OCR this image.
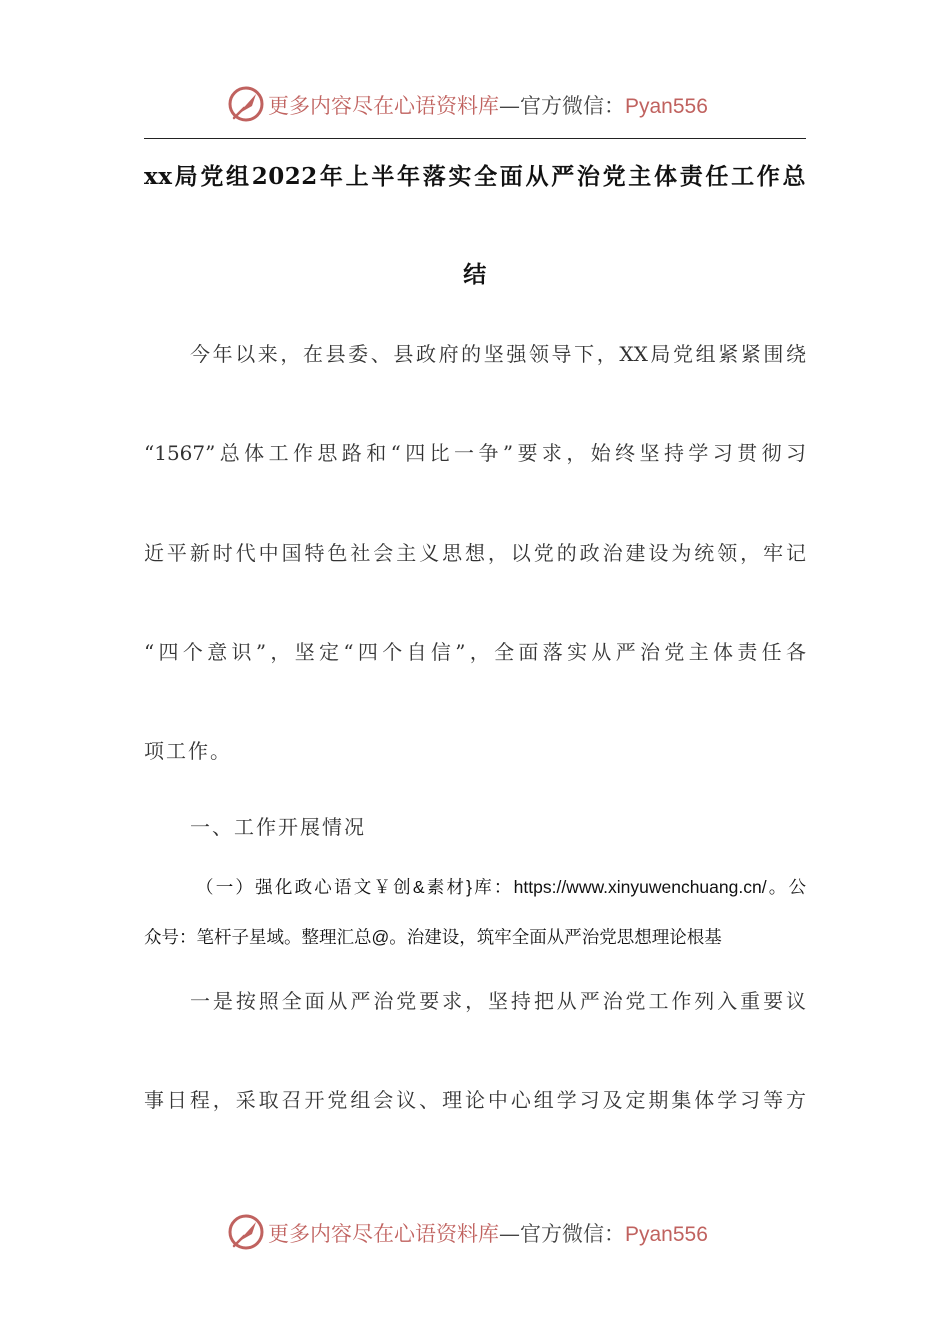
更多内容尽在心语资料库—官方微信：Pyan556
xx局党组2022年上半年落实全面从严治党主体责任工作总
结
今年以来，在县委、县政府的坚强领导下，XX局党组紧紧围绕
“1567”总体工作思路和“四比一争”要求，始终坚持学习贯彻习
近平新时代中国特色社会主义思想，以党的政治建设为统领，牢记
“四个意识”，坚定“四个自信”，全面落实从严治党主体责任各
项工作。
一、工作开展情况
（一）强化政心语文￥创&素材}库：https://www.xinyuwenchuang.cn/。公
众号：笔杆子星域。整理汇总@。治建设，筑牢全面从严治党思想理论根基
一是按照全面从严治党要求，坚持把从严治党工作列入重要议
事日程，采取召开党组会议、理论中心组学习及定期集体学习等方
更多内容尽在心语资料库—官方微信：Pyan556
